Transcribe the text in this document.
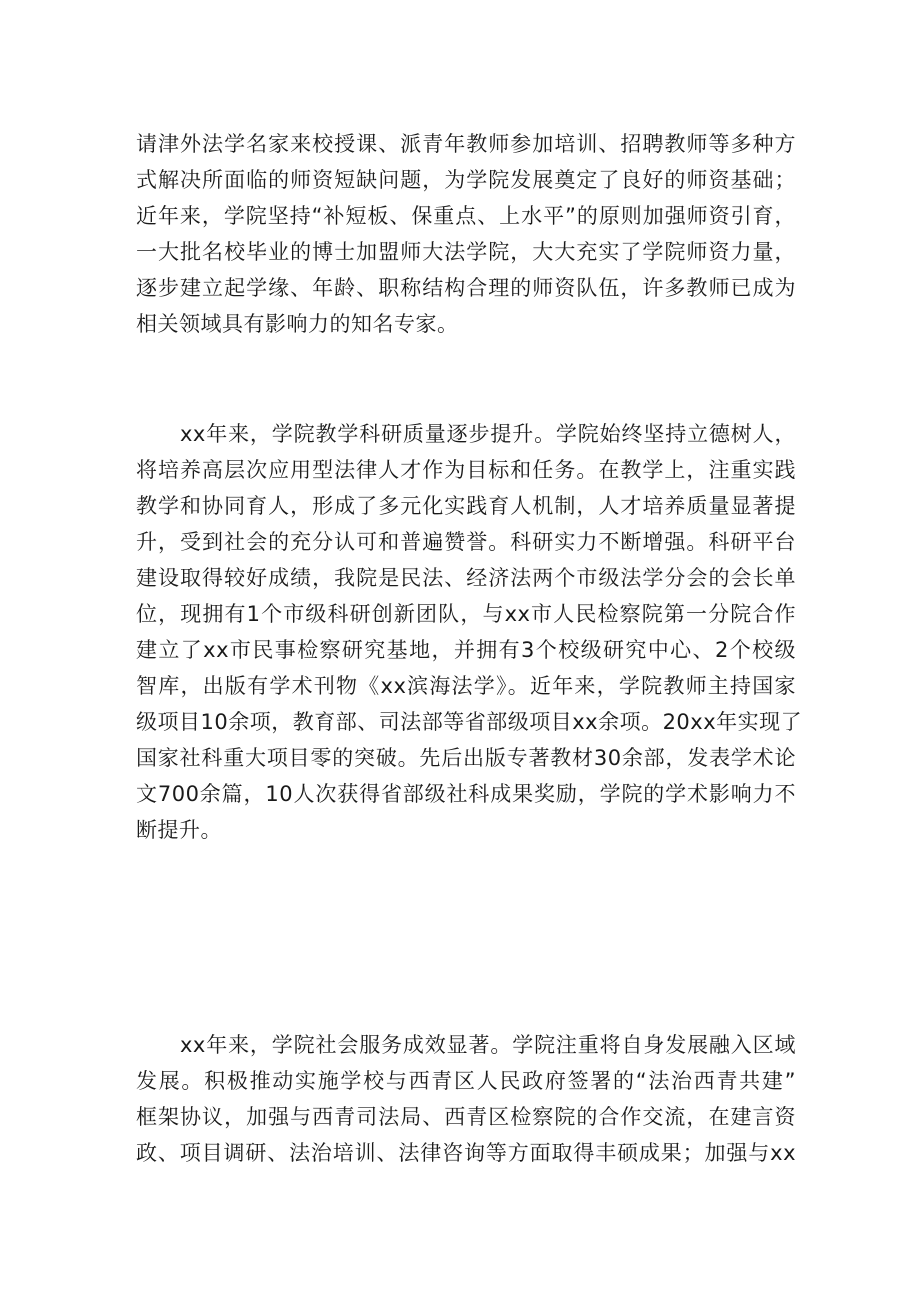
请津外法学名家来校授课、派青年教师参加培训、招聘教师等多种方
式解决所面临的师资短缺问题，为学院发展奠定了良好的师资基础；
近年来，学院坚持“补短板、保重点、上水平”的原则加强师资引育，
一大批名校毕业的博士加盟师大法学院，大大充实了学院师资力量，
逐步建立起学缘、年龄、职称结构合理的师资队伍，许多教师已成为
相关领域具有影响力的知名专家。
xx年来，学院教学科研质量逐步提升。学院始终坚持立德树人，
将培养高层次应用型法律人才作为目标和任务。在教学上，注重实践
教学和协同育人，形成了多元化实践育人机制，人才培养质量显著提
升，受到社会的充分认可和普遍赞誉。科研实力不断增强。科研平台
建设取得较好成绩，我院是民法、经济法两个市级法学分会的会长单
位，现拥有1个市级科研创新团队，与xx市人民检察院第一分院合作
建立了xx市民事检察研究基地，并拥有3个校级研究中心、2个校级
智库，出版有学术刊物《xx滨海法学》。近年来，学院教师主持国家
级项目10余项，教育部、司法部等省部级项目xx余项。20xx年实现了
国家社科重大项目零的突破。先后出版专著教材30余部，发表学术论
文700余篇，10人次获得省部级社科成果奖励，学院的学术影响力不
断提升。
xx年来，学院社会服务成效显著。学院注重将自身发展融入区域
发展。积极推动实施学校与西青区人民政府签署的“法治西青共建”
框架协议，加强与西青司法局、西青区检察院的合作交流，在建言资
政、项目调研、法治培训、法律咨询等方面取得丰硕成果；加强与xx
